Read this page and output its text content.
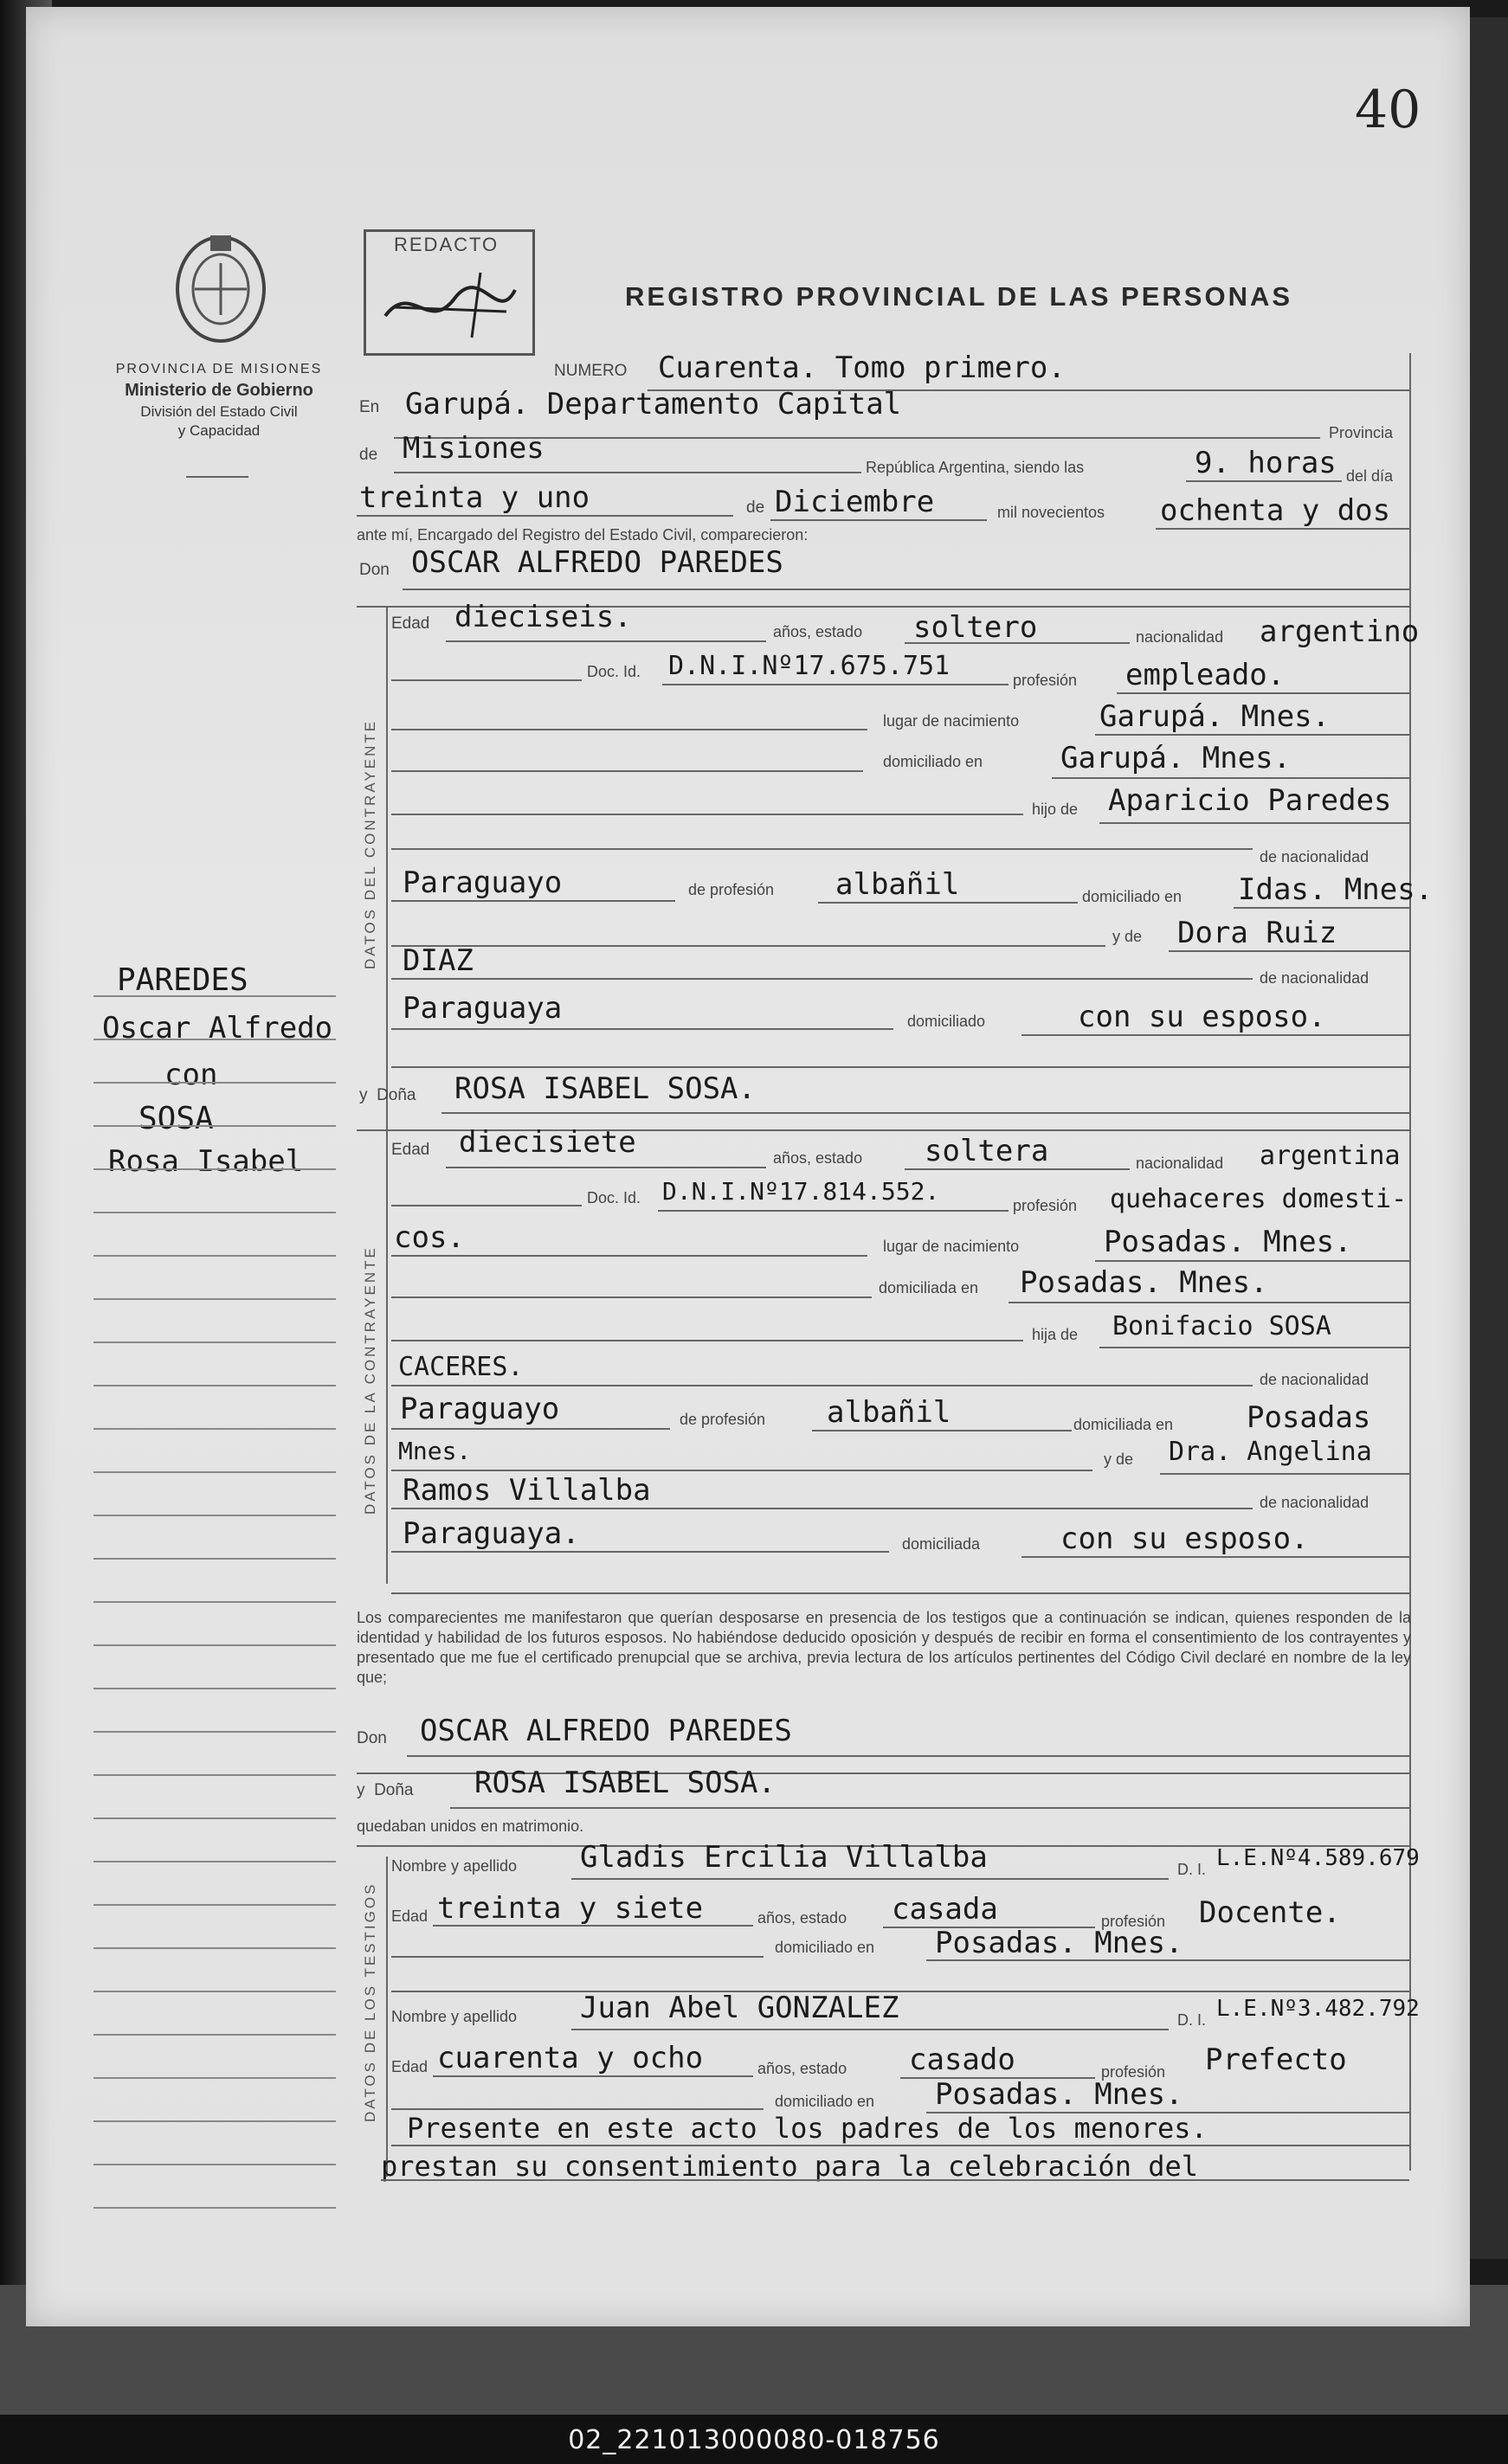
40
PROVINCIA DE MISIONES
Ministerio de Gobierno
División del Estado Civil
y Capacidad
REDACTO
REGISTRO PROVINCIAL DE LAS PERSONAS
PAREDES
Oscar Alfredo
con
SOSA
Rosa Isabel
NUMERO Cuarenta. Tomo primero.
En Garupá. Departamento Capital
Provincia
de Misiones
República Argentina, siendo las	9. horas del día
treinta y uno	de Diciembre	mil novecientos ochenta y dos
ante mí, Encargado del Registro del Estado Civil, comparecieron:
Don OSCAR ALFREDO PAREDES
DATOS DEL CONTRAYENTE
Edad dieciseis.	años, estado soltero	nacionalidad argentino
Doc. Id. D.N.I.Nº17.675.751	profesión empleado.
lugar de nacimiento	Garupá. Mnes.
domiciliado en	Garupá. Mnes.
hijo de Aparicio Paredes
de nacionalidad
Paraguayo	de profesión albañil	domiciliado en Idas. Mnes.
y de Dora Ruiz
DIAZ	de nacionalidad
Paraguaya	domiciliado	con su esposo.
y Doña ROSA ISABEL SOSA.
DATOS DE LA CONTRAYENTE
Edad diecisiete	años, estado soltera	nacionalidad argentina
Doc. Id. D.N.I.Nº17.814.552.	profesión quehaceres domesti-
cos.	lugar de nacimiento	Posadas. Mnes.
domiciliada en Posadas. Mnes.
hija de Bonifacio SOSA
CACERES.	de nacionalidad
Paraguayo	de profesión albañil	domiciliada en Posadas
Mnes.	y de Dra. Angelina
Ramos Villalba	de nacionalidad
Paraguaya.	domiciliada	con su esposo.
Los comparecientes me manifestaron que querían desposarse en presencia de los testigos que a continuación se indican, quienes responden de la identidad y habilidad de los futuros esposos. No habiéndose deducido oposición y después de recibir en forma el consentimiento de los contrayentes y presentado que me fue el certificado prenupcial que se archiva, previa lectura de los artículos pertinentes del Código Civil declaré en nombre de la ley que;
Don OSCAR ALFREDO PAREDES
y Doña ROSA ISABEL SOSA.
quedaban unidos en matrimonio.
DATOS DE LOS TESTIGOS
Nombre y apellido Gladis Ercilia Villalba	D. I. L.E.Nº4.589.679
Edad treinta y siete	años, estado casada	profesión Docente.
domiciliado en Posadas. Mnes.
Nombre y apellido Juan Abel GONZALEZ	D. I. L.E.Nº3.482.792
Edad cuarenta y ocho	años, estado casado	profesión Prefecto
domiciliado en Posadas. Mnes.
Presente en este acto los padres de los menores.
prestan su consentimiento para la celebración del
02_221013000080-018756
